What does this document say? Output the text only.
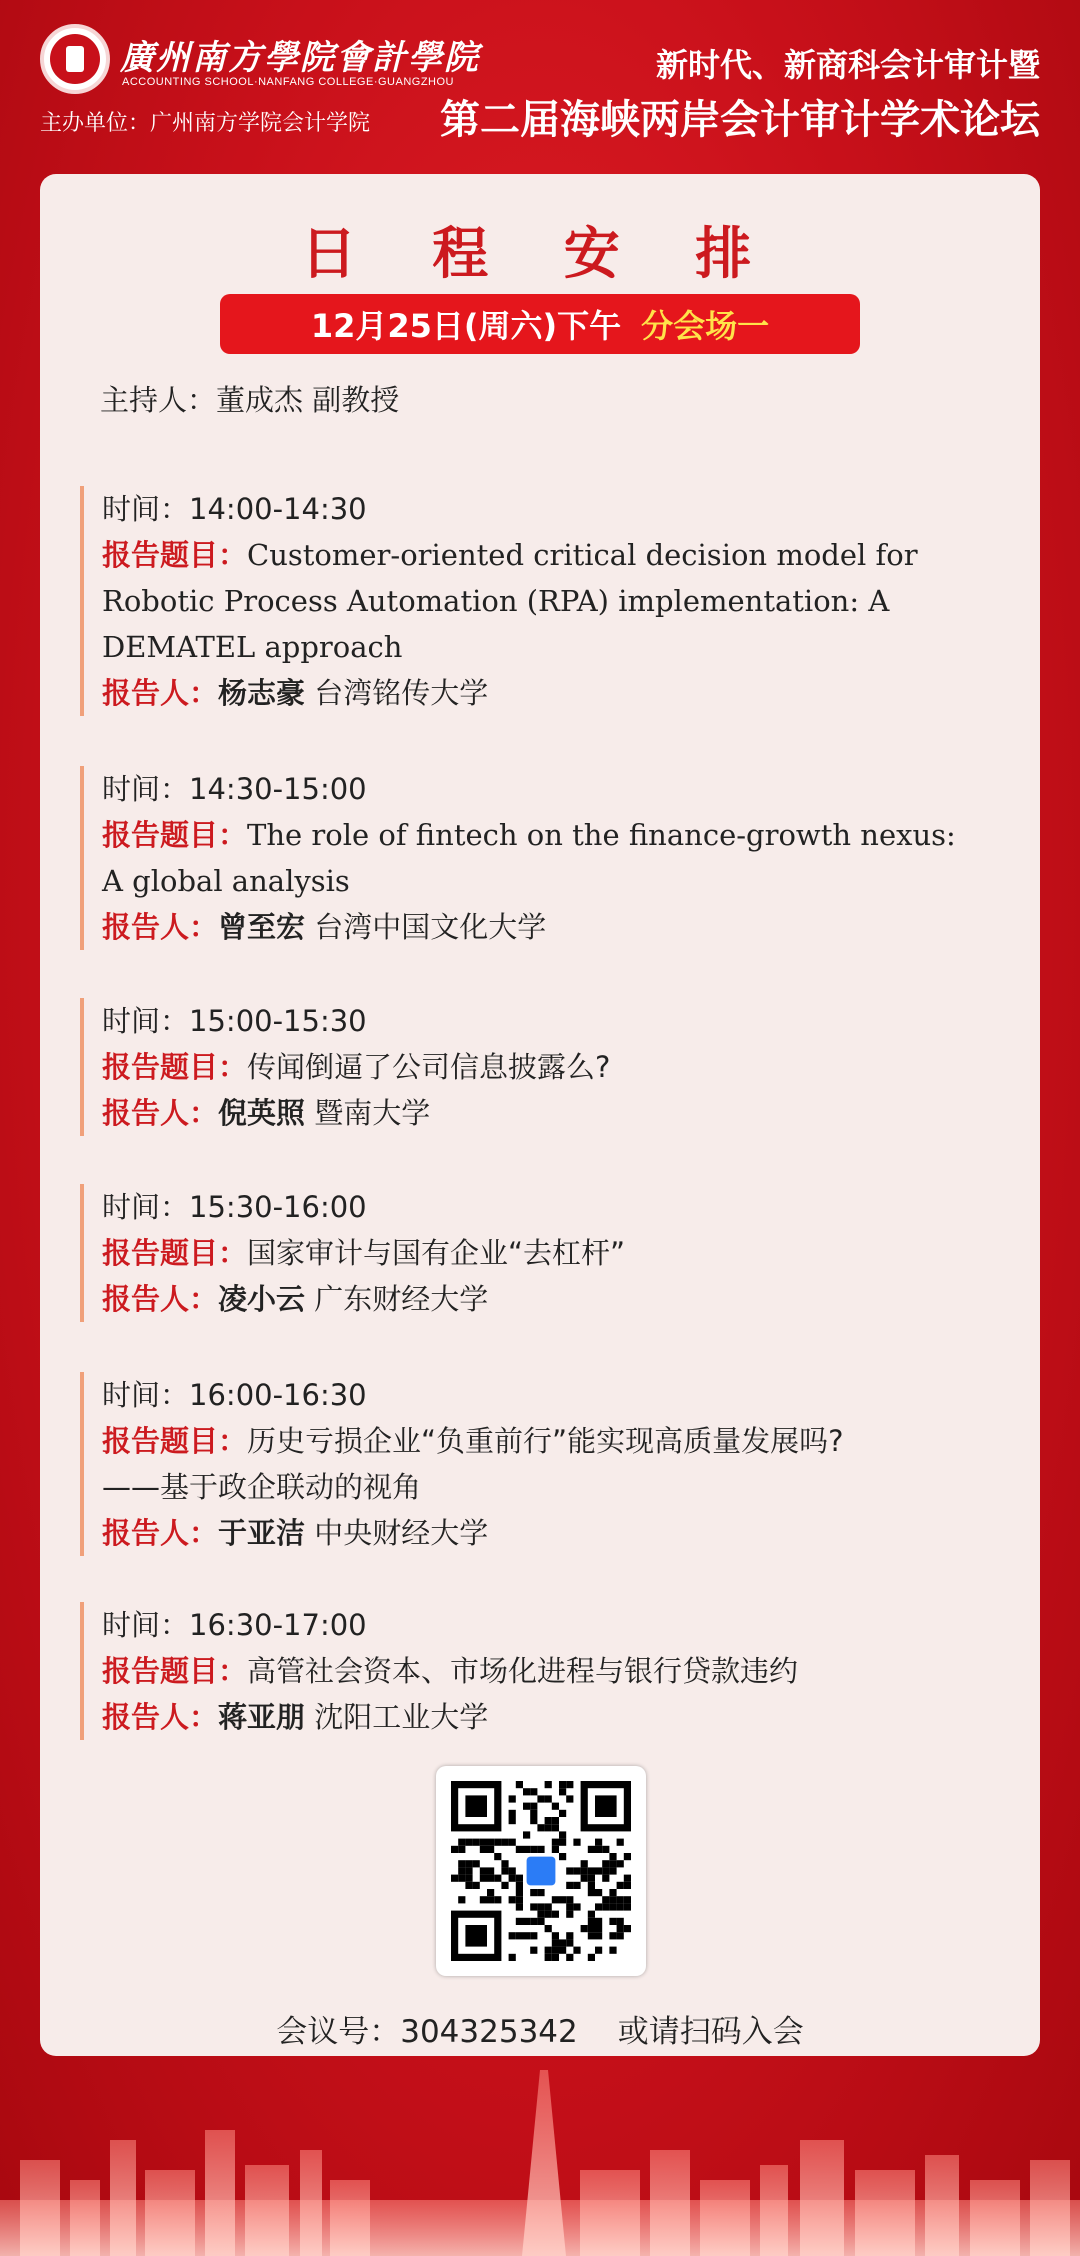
廣州南方學院會計學院
ACCOUNTING SCHOOL·NANFANG COLLEGE·GUANGZHOU
主办单位：广州南方学院会计学院
新时代、新商科会计审计暨
第二届海峡两岸会计审计学术论坛
日 程 安 排
12月25日(周六)下午 分会场一
主持人：董成杰 副教授
时间：14:00-14:30
报告题目：Customer-oriented critical decision model for
Robotic Process Automation (RPA) implementation: A
DEMATEL approach
报告人：杨志豪 台湾铭传大学
时间：14:30-15:00
报告题目：The role of fintech on the finance-growth nexus:
A global analysis
报告人：曾至宏 台湾中国文化大学
时间：15:00-15:30
报告题目：传闻倒逼了公司信息披露么?
报告人：倪英照 暨南大学
时间：15:30-16:00
报告题目：国家审计与国有企业“去杠杆”
报告人：凌小云 广东财经大学
时间：16:00-16:30
报告题目：历史亏损企业“负重前行”能实现高质量发展吗?
——基于政企联动的视角
报告人：于亚洁 中央财经大学
时间：16:30-17:00
报告题目：高管社会资本、市场化进程与银行贷款违约
报告人：蒋亚朋 沈阳工业大学
会议号：304325342 或请扫码入会
